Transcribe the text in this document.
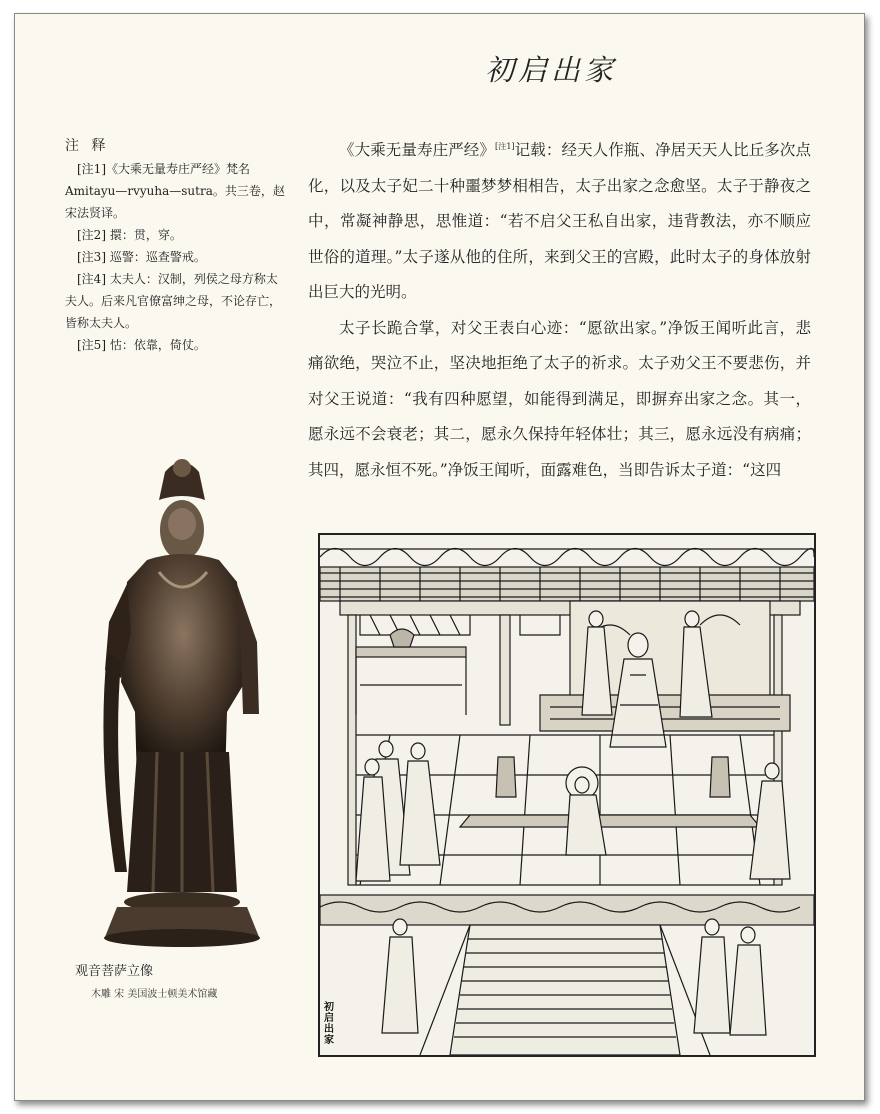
初启出家
注 释

[注1]《大乘无量寿庄严经》梵名 Amitayu—rvyuha—sutra。共三卷，赵宋法贤译。

[注2] 擐：贯，穿。

[注3] 巡警：巡查警戒。

[注4] 太夫人：汉制，列侯之母方称太夫人。后来凡官僚富绅之母，不论存亡，皆称太夫人。

[注5] 怙：依靠，倚仗。

观音菩萨立像
木雕 宋 美国波士顿美术馆藏

《大乘无量寿庄严经》[注1]记载：经天人作瓶、净居天天人比丘多次点化，以及太子妃二十种噩梦梦相相告，太子出家之念愈坚。太子于静夜之中，常凝神静思，思惟道：“若不启父王私自出家，违背教法，亦不顺应世俗的道理。”太子遂从他的住所，来到父王的宫殿，此时太子的身体放射出巨大的光明。

太子长跪合掌，对父王表白心迹：“愿欲出家。”净饭王闻听此言，悲痛欲绝，哭泣不止，坚决地拒绝了太子的祈求。太子劝父王不要悲伤，并对父王说道：“我有四种愿望，如能得到满足，即摒弃出家之念。其一，愿永远不会衰老；其二，愿永久保持年轻体壮；其三，愿永远没有病痛；其四，愿永恒不死。”净饭王闻听，面露难色，当即告诉太子道：“这四

初启出家
